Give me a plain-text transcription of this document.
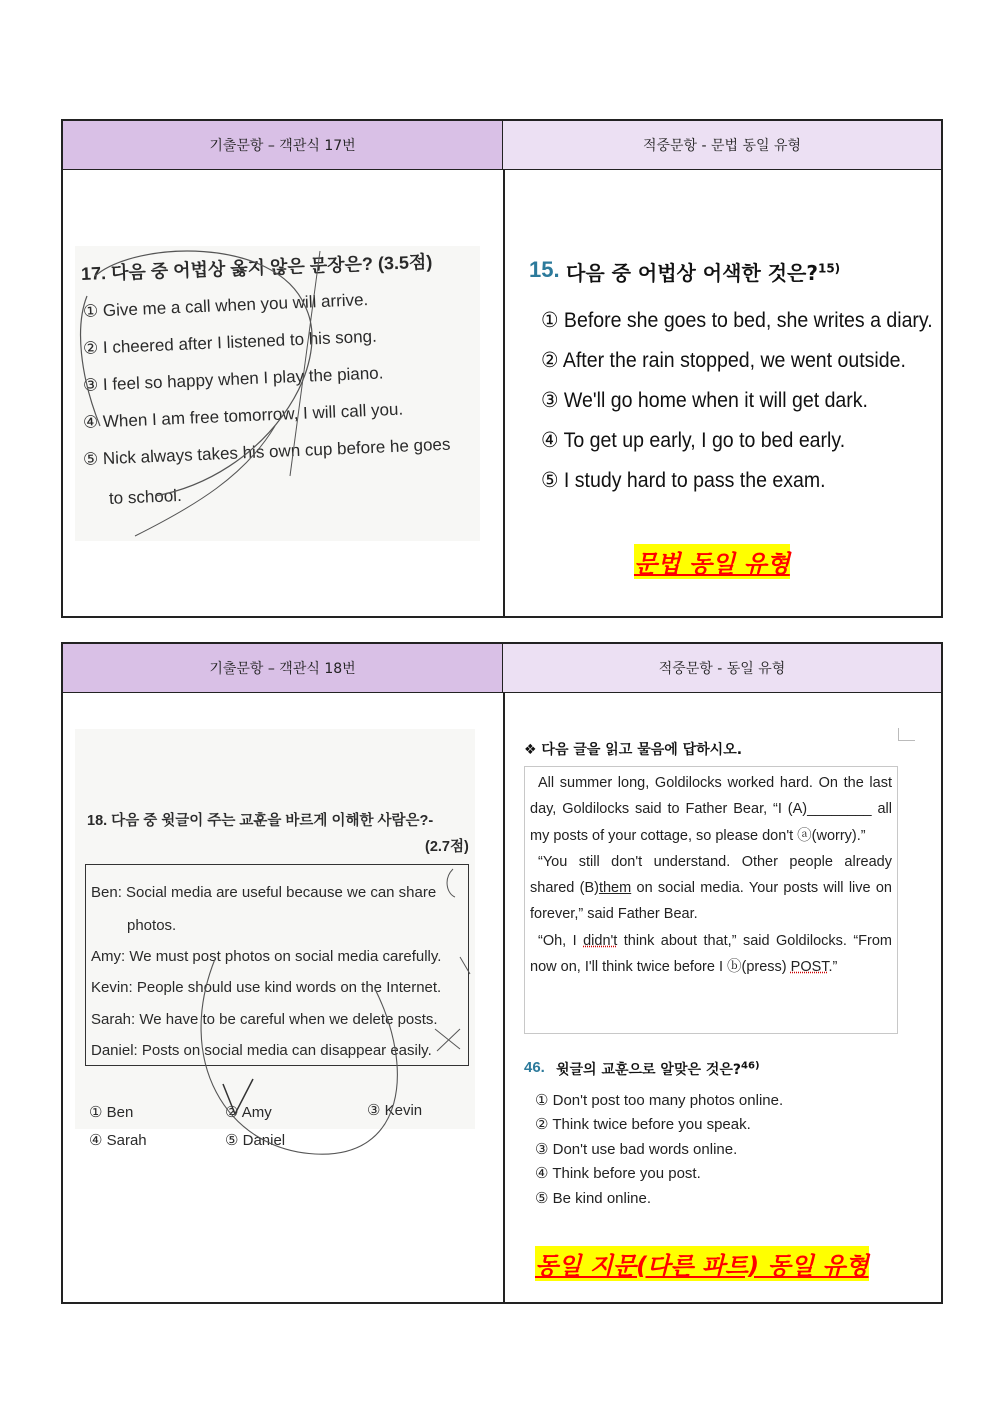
기출문항 – 객관식 17번	적중문항 - 문법 동일 유형
17. 다음 중 어법상 옳지 않은 문장은? (3.5점)
① Give me a call when you will arrive.
② I cheered after I listened to his song.
③ I feel so happy when I play the piano.
④ When I am free tomorrow, I will call you.
⑤ Nick always takes his own cup before he goes
to school.
15. 다음 중 어법상 어색한 것은?$^{15)}$
① Before she goes to bed, she writes a diary.
② After the rain stopped, we went outside.
③ We'll go home when it will get dark.
④ To get up early, I go to bed early.
⑤ I study hard to pass the exam.
문법 동일 유형
기출문항 – 객관식 18번	적중문항 - 동일 유형
18. 다음 중 윗글이 주는 교훈을 바르게 이해한 사람은?-
(2.7점)
Ben: Social media are useful because we can share
photos.
Amy: We must post photos on social media carefully.
Kevin: People should use kind words on the Internet.
Sarah: We have to be careful when we delete posts.
Daniel: Posts on social media can disappear easily.
① Ben	② Amy	③ Kevin
④ Sarah	⑤ Daniel
❖ 다음 글을 읽고 물음에 답하시오.

All summer long, Goldilocks worked hard. On the last day, Goldilocks said to Father Bear, “I (A)________ all my posts of your cottage, so please don't ⓐ(worry).”

“You still don't understand. Other people already shared (B)them on social media. Your posts will live on forever,” said Father Bear.

“Oh, I didn't think about that,” said Goldilocks. “From now on, I'll think twice before I ⓑ(press) POST.”

46. 윗글의 교훈으로 알맞은 것은?$^{46)}$
① Don't post too many photos online.
② Think twice before you speak.
③ Don't use bad words online.
④ Think before you post.
⑤ Be kind online.
동일 지문(다른 파트) 동일 유형
